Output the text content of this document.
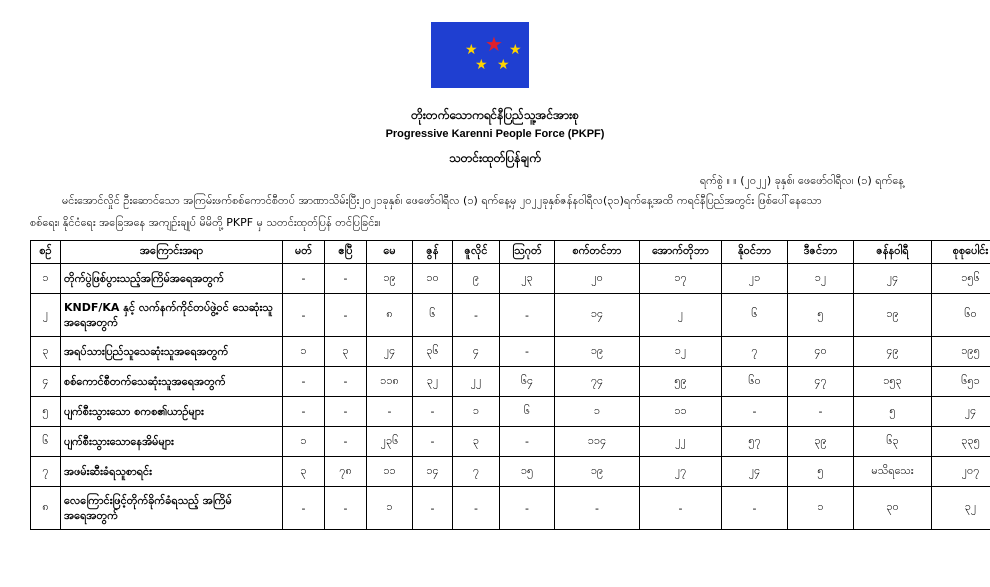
★ ★ ★
★ ★
တိုးတက်သောကရင်နီပြည်သူ့အင်အားစု
Progressive Karenni People Force (PKPF)
သတင်းထုတ်ပြန်ချက်
ရက်စွဲ ။ ။ (၂၀၂၂) ခုနှစ်၊ ဖေဖော်ဝါရီလ၊ (၁) ရက်နေ့
မင်းအောင်လှိုင် ဦးဆောင်သော အကြမ်းဖက်စစ်ကောင်စီတပ် အာဏာသိမ်းပြီး၂၀၂၁ခုနှစ်၊ ဖေဖော်ဝါရီလ (၁) ရက်နေ့မှ ၂၀၂၂ခုနှစ်ဇန်နဝါရီလ(၃၁)ရက်နေ့အထိ ကရင်နီပြည်အတွင်း ဖြစ်ပေါ်နေသော
စစ်ရေး၊ နိုင်ငံရေး အခြေအနေ အကျဉ်းချုပ် မိမိတို့ PKPF မှ သတင်းထုတ်ပြန် တင်ပြခြင်း။
စဉ်	အကြောင်းအရာ	မတ်	ဧပြီ	မေ	ဇွန်	ဇူလိုင်	ဩဂုတ်	စက်တင်ဘာ	အောက်တိုဘာ	နိုဝင်ဘာ	ဒီဇင်ဘာ	ဇန်နဝါရီ	စုစုပေါင်း
၁	တိုက်ပွဲဖြစ်ပွားသည့်အကြိမ်အရေအတွက်	-	-	၁၉	၁၀	၉	၂၃	၂၀	၁၇	၂၁	၁၂	၂၄	၁၅၆
၂	KNDF/KA နှင့် လက်နက်ကိုင်တပ်ဖွဲ့ဝင် သေဆုံးသူအရေအတွက်	-	-	၈	၆	-	-	၁၄	၂	၆	၅	၁၉	၆၀
၃	အရပ်သားပြည်သူသေဆုံးသူအရေအတွက်	၁	၃	၂၄	၃၆	၄	-	၁၉	၁၂	၇	၄၀	၄၉	၁၉၅
၄	စစ်ကောင်စီတက်သေဆုံးသူအရေအတွက်	-	-	၁၁၈	၃၂	၂၂	၆၄	၇၄	၅၉	၆၀	၄၇	၁၅၃	၆၅၁
၅	ပျက်စီးသွားသော စကစ၏ယာဉ်များ	-	-	-	-	၁	၆	၁	၁၁	-	-	၅	၂၄
၆	ပျက်စီးသွားသောနေအိမ်များ	၁	-	၂၃၆	-	၃	-	၁၁၄	၂၂	၅၇	၃၉	၆၃	၃၃၅
၇	အဖမ်းဆီးခံရသူစာရင်း	၃	၇၈	၁၁	၁၄	၇	၁၅	၁၉	၂၇	၂၄	၅	မသိရသေး	၂၀၇
၈	လေကြောင်းဖြင့်တိုက်ခိုက်ခံရသည့် အကြိမ်အရေအတွက်	-	-	၁	-	-	-	-	-	-	၁	၃၀	၃၂
